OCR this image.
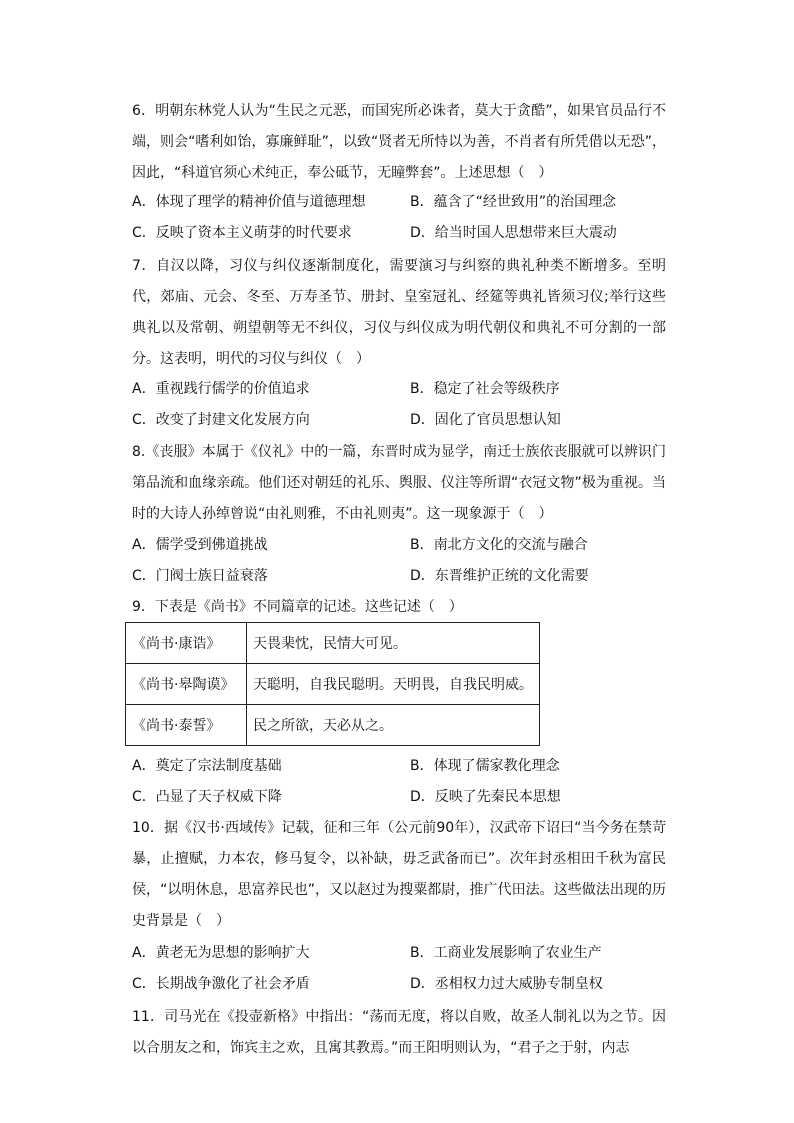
6．明朝东林党人认为“生民之元恶，而国宪所必诛者，莫大于贪酷”，如果官员品行不端，则会“嗜利如饴，寡廉鲜耻”，以致“贤者无所恃以为善，不肖者有所凭借以无恐”，因此，“科道官须心术纯正，奉公砥节，无瞳弊套”。上述思想（　）
A．体现了理学的精神价值与道德理想	B．蕴含了“经世致用”的治国理念
C．反映了资本主义萌芽的时代要求	D．给当时国人思想带来巨大震动
7．自汉以降，习仪与纠仪逐渐制度化，需要演习与纠察的典礼种类不断增多。至明代，郊庙、元会、冬至、万寿圣节、册封、皇室冠礼、经筵等典礼皆须习仪;举行这些典礼以及常朝、朔望朝等无不纠仪，习仪与纠仪成为明代朝仪和典礼不可分割的一部分。这表明，明代的习仪与纠仪（　）
A．重视践行儒学的价值追求	B．稳定了社会等级秩序
C．改变了封建文化发展方向	D．固化了官员思想认知
8.《丧服》本属于《仪礼》中的一篇，东晋时成为显学，南迁士族依丧服就可以辨识门第品流和血缘亲疏。他们还对朝廷的礼乐、舆服、仪注等所谓“衣冠文物”极为重视。当时的大诗人孙绰曾说“由礼则雅，不由礼则夷”。这一现象源于（　）
A．儒学受到佛道挑战	B．南北方文化的交流与融合
C．门阀士族日益衰落	D．东晋维护正统的文化需要
9．下表是《尚书》不同篇章的记述。这些记述（　）
《尚书·康诰》	天畏棐忱，民情大可见。
《尚书·皋陶谟》	天聪明，自我民聪明。天明畏，自我民明威。
《尚书·泰誓》	民之所欲，天必从之。
A．奠定了宗法制度基础	B．体现了儒家教化理念
C．凸显了天子权威下降	D．反映了先秦民本思想
10．据《汉书·西域传》记载，征和三年（公元前90年），汉武帝下诏曰“当今务在禁苛暴，止擅赋，力本农，修马复令，以补缺，毋乏武备而已”。次年封丞相田千秋为富民侯，“以明休息，思富养民也”，又以赵过为搜粟都尉，推广代田法。这些做法出现的历史背景是（　）
A．黄老无为思想的影响扩大	B．工商业发展影响了农业生产
C．长期战争激化了社会矛盾	D．丞相权力过大威胁专制皇权
11．司马光在《投壶新格》中指出：“荡而无度，将以自败，故圣人制礼以为之节。因以合朋友之和，饰宾主之欢，且寓其教焉。”而王阳明则认为，“君子之于射，内志
